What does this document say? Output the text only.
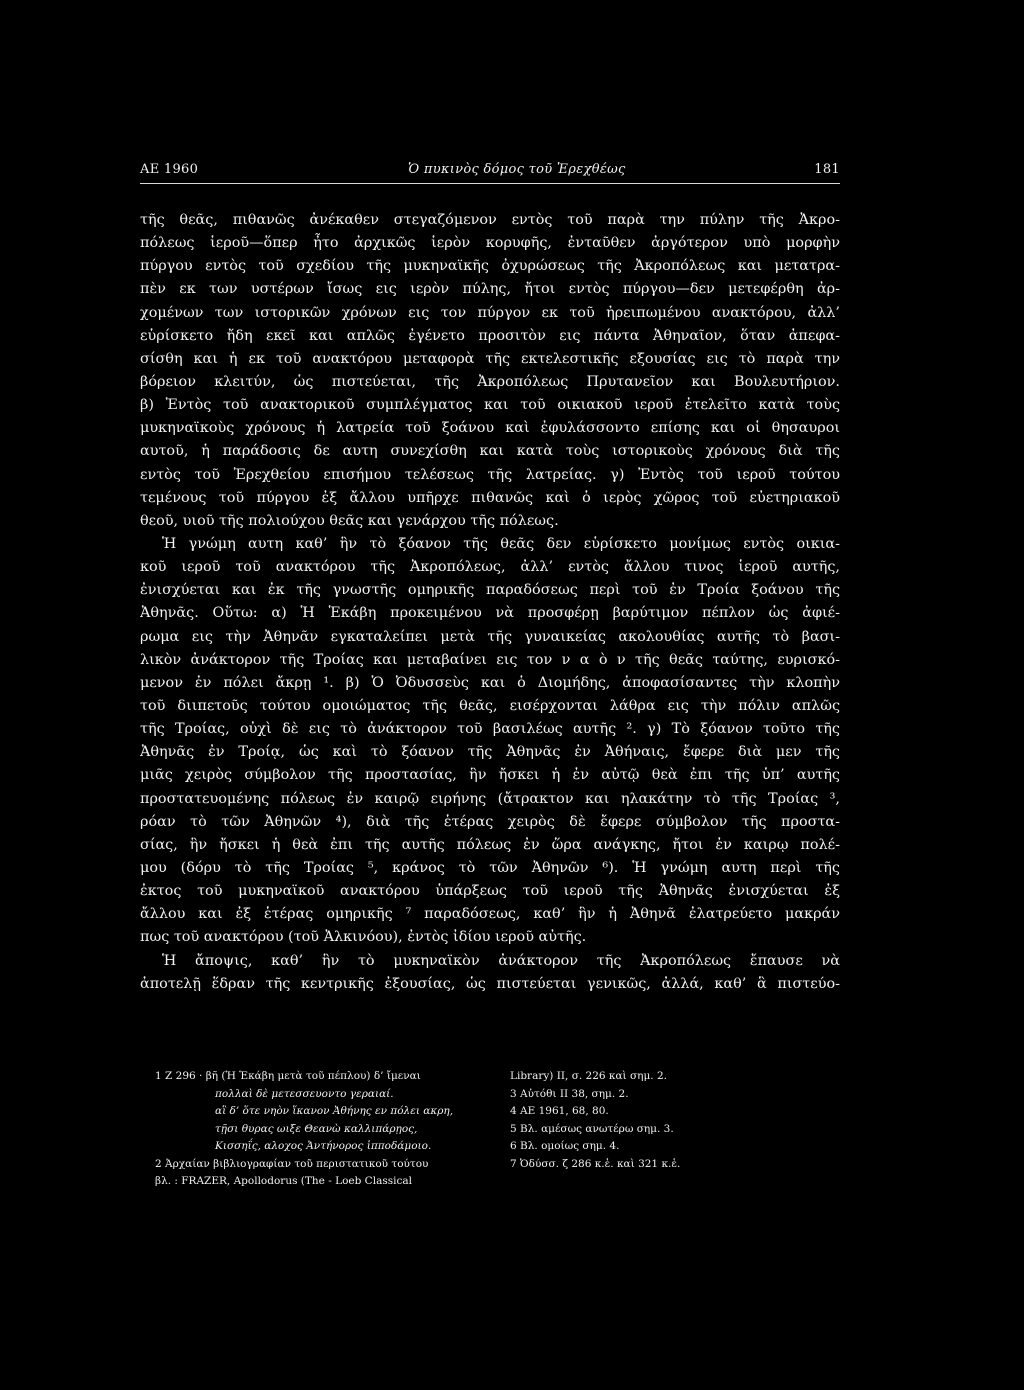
ΑΕ 1960	Ὁ πυκινὸς δόμος τοῦ Ἐρεχθέως	181
τῆς θεᾶς, πιθανῶς ἀνέκαθεν στεγαζόμενον εντὸς τοῦ παρὰ την πύλην τῆς Ἀκρο-
πόλεως ἱεροῦ—ὅπερ ἦτο ἀρχικῶς ἱερὸν κορυφῆς, ἐνταῦθεν ἀργότερον υπὸ μορφὴν
πύργου εντὸς τοῦ σχεδίου τῆς μυκηναϊκῆς ὀχυρώσεως τῆς Ἀκροπόλεως και μετατρα-
πὲν εκ των υστέρων ἴσως εις ιερὸν πύλης, ἤτοι εντὸς πύργου—δεν μετεφέρθη ἀρ-
χομένων των ιστορικῶν χρόνων εις τον πύργον εκ τοῦ ἠρειπωμένου ανακτόρου, ἀλλ’
εὑρίσκετο ἤδη εκεῖ και απλῶς ἐγένετο προσιτὸν εις πάντα Ἀθηναῖον, ὅταν ἀπεφα-
σίσθη και ἡ εκ τοῦ ανακτόρου μεταφορὰ τῆς εκτελεστικῆς εξουσίας εις τὸ παρὰ την
βόρειον κλειτύν, ὡς πιστεύεται, τῆς Ἀκροπόλεως Πρυτανεῖον και Βουλευτήριον.
β) Ἐντὸς τοῦ ανακτορικοῦ συμπλέγματος και τοῦ οικιακοῦ ιεροῦ ἐτελεῖτο κατὰ τοὺς
μυκηναϊκοὺς χρόνους ἡ λατρεία τοῦ ξοάνου καὶ ἐφυλάσσοντο επίσης και οἱ θησαυροι
αυτοῦ, ἡ παράδοσις δε αυτη συνεχίσθη και κατὰ τοὺς ιστορικοὺς χρόνους διὰ τῆς
εντὸς τοῦ Ἐρεχθείου επισήμου τελέσεως τῆς λατρείας. γ) Ἐντὸς τοῦ ιεροῦ τούτου
τεμένους τοῦ πύργου ἐξ ἄλλου υπῆρχε πιθανῶς καὶ ὁ ιερὸς χῶρος τοῦ εὐετηριακοῦ
θεοῦ, υιοῦ τῆς πολιούχου θεᾶς και γενάρχου τῆς πόλεως.
Ἡ γνώμη αυτη καθ’ ἣν τὸ ξόανον τῆς θεᾶς δεν εὑρίσκετο μονίμως εντὸς οικια-
κοῦ ιεροῦ τοῦ ανακτόρου τῆς Ἀκροπόλεως, ἀλλ’ εντὸς ἄλλου τινος ἱεροῦ αυτῆς,
ἐνισχύεται και ἐκ τῆς γνωστῆς ομηρικῆς παραδόσεως περὶ τοῦ ἐν Τροία ξοάνου τῆς
Ἀθηνᾶς. Οὕτω: α) Ἡ Ἑκάβη προκειμένου νὰ προσφέρῃ βαρύτιμον πέπλον ὡς ἀφιέ-
ρωμα εις τὴν Ἀθηνᾶν εγκαταλείπει μετὰ τῆς γυναικείας ακολουθίας αυτῆς τὸ βασι-
λικὸν ἀνάκτορον τῆς Τροίας και μεταβαίνει εις τον ν α ὸ ν τῆς θεᾶς ταύτης, ευρισκό-
μενον ἐν πόλει ἄκρῃ ¹. β) Ὁ Ὀδυσσεὺς και ὁ Διομήδης, ἀποφασίσαντες τὴν κλοπὴν
τοῦ διιπετοῦς τούτου ομοιώματος τῆς θεᾶς, εισέρχονται λάθρα εις τὴν πόλιν απλῶς
τῆς Τροίας, οὐχὶ δὲ εις τὸ ἀνάκτορον τοῦ βασιλέως αυτῆς ². γ) Τὸ ξόανον τοῦτο τῆς
Ἀθηνᾶς ἐν Τροίᾳ, ὡς καὶ τὸ ξόανον τῆς Ἀθηνᾶς ἐν Ἀθήναις, ἔφερε διὰ μεν τῆς
μιᾶς χειρὸς σύμβολον τῆς προστασίας, ἣν ἤσκει ἡ ἐν αὐτῷ θεὰ ἐπι τῆς ὑπ’ αυτῆς
προστατευομένης πόλεως ἐν καιρῷ ειρήνης (ἄτρακτον και ηλακάτην τὸ τῆς Τροίας ³,
ρόαν τὸ τῶν Ἀθηνῶν ⁴), διὰ τῆς ἑτέρας χειρὸς δὲ ἔφερε σύμβολον τῆς προστα-
σίας, ἣν ἤσκει ἡ θεὰ ἐπι τῆς αυτῆς πόλεως ἐν ὥρα ανάγκης, ἤτοι ἐν καιρῳ πολέ-
μου (δόρυ τὸ τῆς Τροίας ⁵, κράνος τὸ τῶν Ἀθηνῶν ⁶). Ἡ γνώμη αυτη περὶ τῆς
ἐκτος τοῦ μυκηναϊκοῦ ανακτόρου ὑπάρξεως τοῦ ιεροῦ τῆς Ἀθηνᾶς ἐνισχύεται ἐξ
ἄλλου και ἐξ ἑτέρας ομηρικῆς ⁷ παραδόσεως, καθ’ ἣν ἡ Ἀθηνᾶ ἐλατρεύετο μακράν
πως τοῦ ανακτόρου (τοῦ Ἀλκινόου), ἐντὸς ἰδίου ιεροῦ αὐτῆς.
Ἡ ἄποψις, καθ’ ἣν τὸ μυκηναϊκὸν ἀνάκτορον τῆς Ἀκροπόλεως ἔπαυσε νὰ
ἀποτελῇ ἕδραν τῆς κεντρικῆς ἐξουσίας, ὡς πιστεύεται γενικῶς, ἀλλά, καθ’ ἃ πιστεύο-
1 Ζ 296 · βῆ (Ἡ Ἑκάβη μετὰ τοῦ πέπλου) δ’ ἴμεναι
πολλαὶ δὲ μετεσσευοντο γεραιαί.
αἳ δ’ ὅτε νηὸν ἵκανον Ἀθήνης εν πόλει ακρη,
τῇσι θυρας ωιξε Θεανὼ καλλιπάρῃος,
Κισσηΐς, αλοχος Ἀντήνορος ἱπποδάμοιο.
2 Ἀρχαίαν βιβλιογραφίαν τοῦ περιστατικοῦ τούτου
βλ. : FRAZER, Apollodorus (The - Loeb Classical
Library) II, σ. 226 καὶ σημ. 2.
3 Αὐτόθι II 38, σημ. 2.
4 ΑΕ 1961, 68, 80.
5 Βλ. αμέσως ανωτέρω σημ. 3.
6 Βλ. ομοίως σημ. 4.
7 Ὀδύσσ. ζ 286 κ.ἑ. καὶ 321 κ.ἑ.
